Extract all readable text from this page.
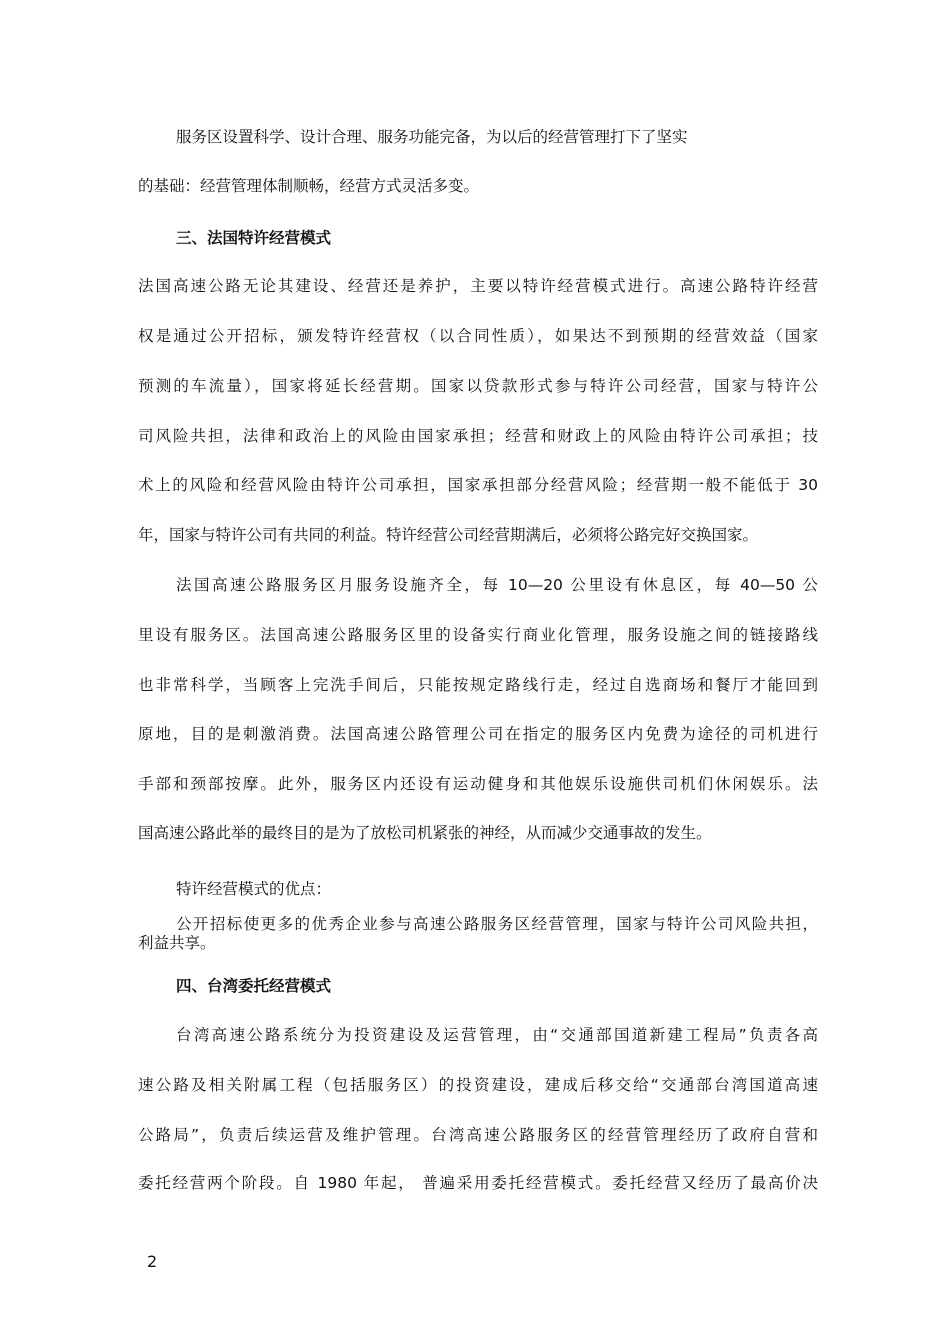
服务区设置科学、设计合理、服务功能完备，为以后的经营管理打下了坚实
的基础：经营管理体制顺畅，经营方式灵活多变。
三、法国特许经营模式
法国高速公路无论其建设、经营还是养护，主要以特许经营模式进行。高速公路特许经营
权是通过公开招标，颁发特许经营权（以合同性质），如果达不到预期的经营效益（国家
预测的车流量），国家将延长经营期。国家以贷款形式参与特许公司经营，国家与特许公
司风险共担，法律和政治上的风险由国家承担；经营和财政上的风险由特许公司承担；技
术上的风险和经营风险由特许公司承担，国家承担部分经营风险；经营期一般不能低于 30
年，国家与特许公司有共同的利益。特许经营公司经营期满后，必须将公路完好交换国家。
法国高速公路服务区月服务设施齐全，每 10—20 公里设有休息区，每 40—50 公
里设有服务区。法国高速公路服务区里的设备实行商业化管理，服务设施之间的链接路线
也非常科学，当顾客上完洗手间后，只能按规定路线行走，经过自选商场和餐厅才能回到
原地，目的是刺激消费。法国高速公路管理公司在指定的服务区内免费为途径的司机进行
手部和颈部按摩。此外，服务区内还设有运动健身和其他娱乐设施供司机们休闲娱乐。法
国高速公路此举的最终目的是为了放松司机紧张的神经，从而减少交通事故的发生。
特许经营模式的优点：
公开招标使更多的优秀企业参与高速公路服务区经营管理，国家与特许公司风险共担，
利益共享。
四、台湾委托经营模式
台湾高速公路系统分为投资建设及运营管理，由“交通部国道新建工程局”负责各高
速公路及相关附属工程（包括服务区）的投资建设，建成后移交给“交通部台湾国道高速
公路局”，负责后续运营及维护管理。台湾高速公路服务区的经营管理经历了政府自营和
委托经营两个阶段。自 1980 年起， 普遍采用委托经营模式。委托经营又经历了最高价决
2
